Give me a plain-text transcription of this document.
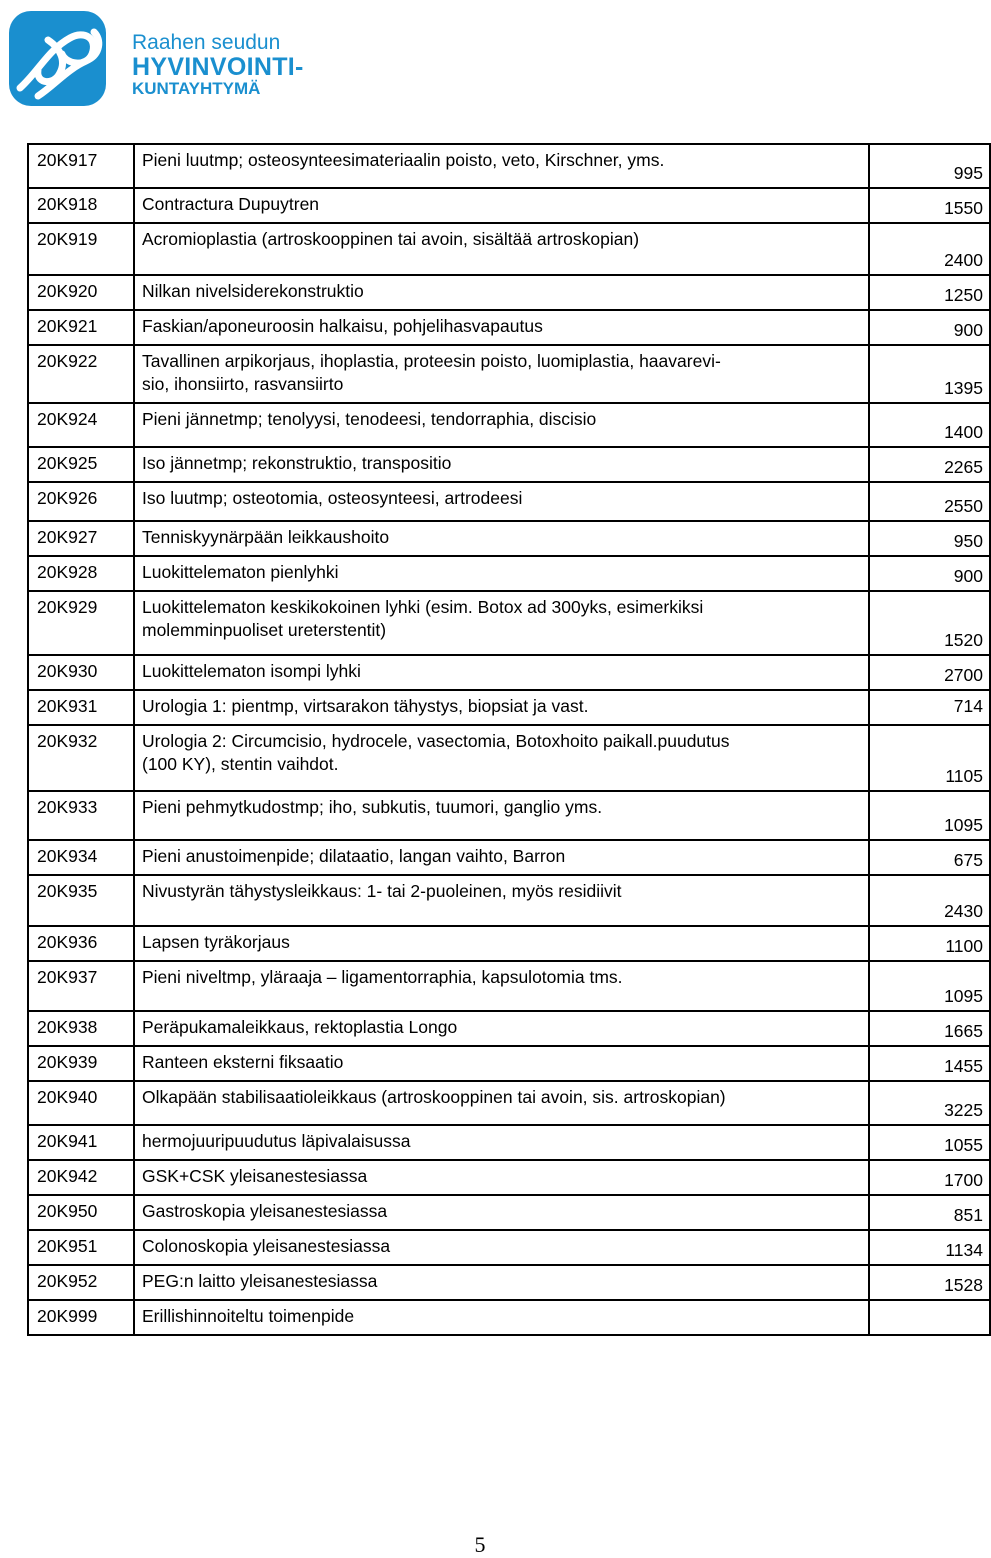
Raahen seudun
HYVINVOINTI-
KUNTAYHTYMÄ
20K917	Pieni luutmp; osteosynteesimateriaalin poisto, veto, Kirschner, yms.	995
20K918	Contractura Dupuytren	1550
20K919	Acromioplastia (artroskooppinen tai avoin, sisältää artroskopian)	2400
20K920	Nilkan nivelsiderekonstruktio	1250
20K921	Faskian/aponeuroosin halkaisu, pohjelihasvapautus	900
20K922	Tavallinen arpikorjaus, ihoplastia, proteesin poisto, luomiplastia, haavarevi-
sio, ihonsiirto, rasvansiirto	1395
20K924	Pieni jännetmp; tenolyysi, tenodeesi, tendorraphia, discisio	1400
20K925	Iso jännetmp; rekonstruktio, transpositio	2265
20K926	Iso luutmp; osteotomia, osteosynteesi, artrodeesi	2550
20K927	Tenniskyynärpään leikkaushoito	950
20K928	Luokittelematon pienlyhki	900
20K929	Luokittelematon keskikokoinen lyhki (esim. Botox ad 300yks, esimerkiksi
molemminpuoliset ureterstentit)	1520
20K930	Luokittelematon isompi lyhki	2700
20K931	Urologia 1: pientmp, virtsarakon tähystys, biopsiat ja vast.	714
20K932	Urologia 2: Circumcisio, hydrocele, vasectomia, Botoxhoito paikall.puudutus
(100 KY), stentin vaihdot.	1105
20K933	Pieni pehmytkudostmp; iho, subkutis, tuumori, ganglio yms.	1095
20K934	Pieni anustoimenpide; dilataatio, langan vaihto, Barron	675
20K935	Nivustyrän tähystysleikkaus: 1- tai 2-puoleinen, myös residiivit	2430
20K936	Lapsen tyräkorjaus	1100
20K937	Pieni niveltmp, yläraaja – ligamentorraphia, kapsulotomia tms.	1095
20K938	Peräpukamaleikkaus, rektoplastia Longo	1665
20K939	Ranteen eksterni fiksaatio	1455
20K940	Olkapään stabilisaatioleikkaus (artroskooppinen tai avoin, sis. artroskopian)	3225
20K941	hermojuuripuudutus läpivalaisussa	1055
20K942	GSK+CSK yleisanestesiassa	1700
20K950	Gastroskopia yleisanestesiassa	851
20K951	Colonoskopia yleisanestesiassa	1134
20K952	PEG:n laitto yleisanestesiassa	1528
20K999	Erillishinnoiteltu toimenpide	

5
